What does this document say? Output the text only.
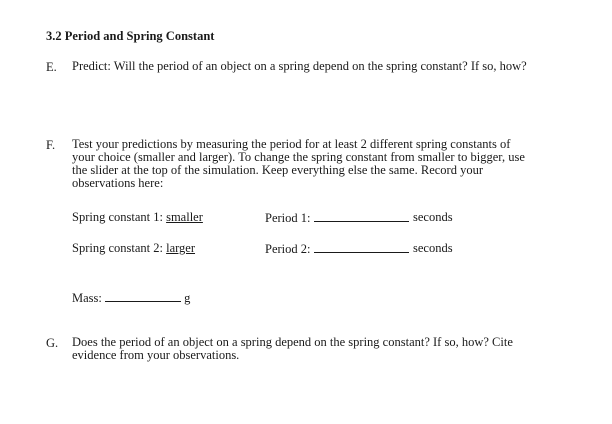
3.2 Period and Spring Constant
E. Predict: Will the period of an object on a spring depend on the spring constant? If so, how?
F. Test your predictions by measuring the period for at least 2 different spring constants of
your choice (smaller and larger). To change the spring constant from smaller to bigger, use
the slider at the top of the simulation. Keep everything else the same. Record your
observations here:
Spring constant 1: smaller	Period 1:	seconds
Spring constant 2: larger	Period 2:	seconds
Mass:	g
G. Does the period of an object on a spring depend on the spring constant? If so, how? Cite
evidence from your observations.
